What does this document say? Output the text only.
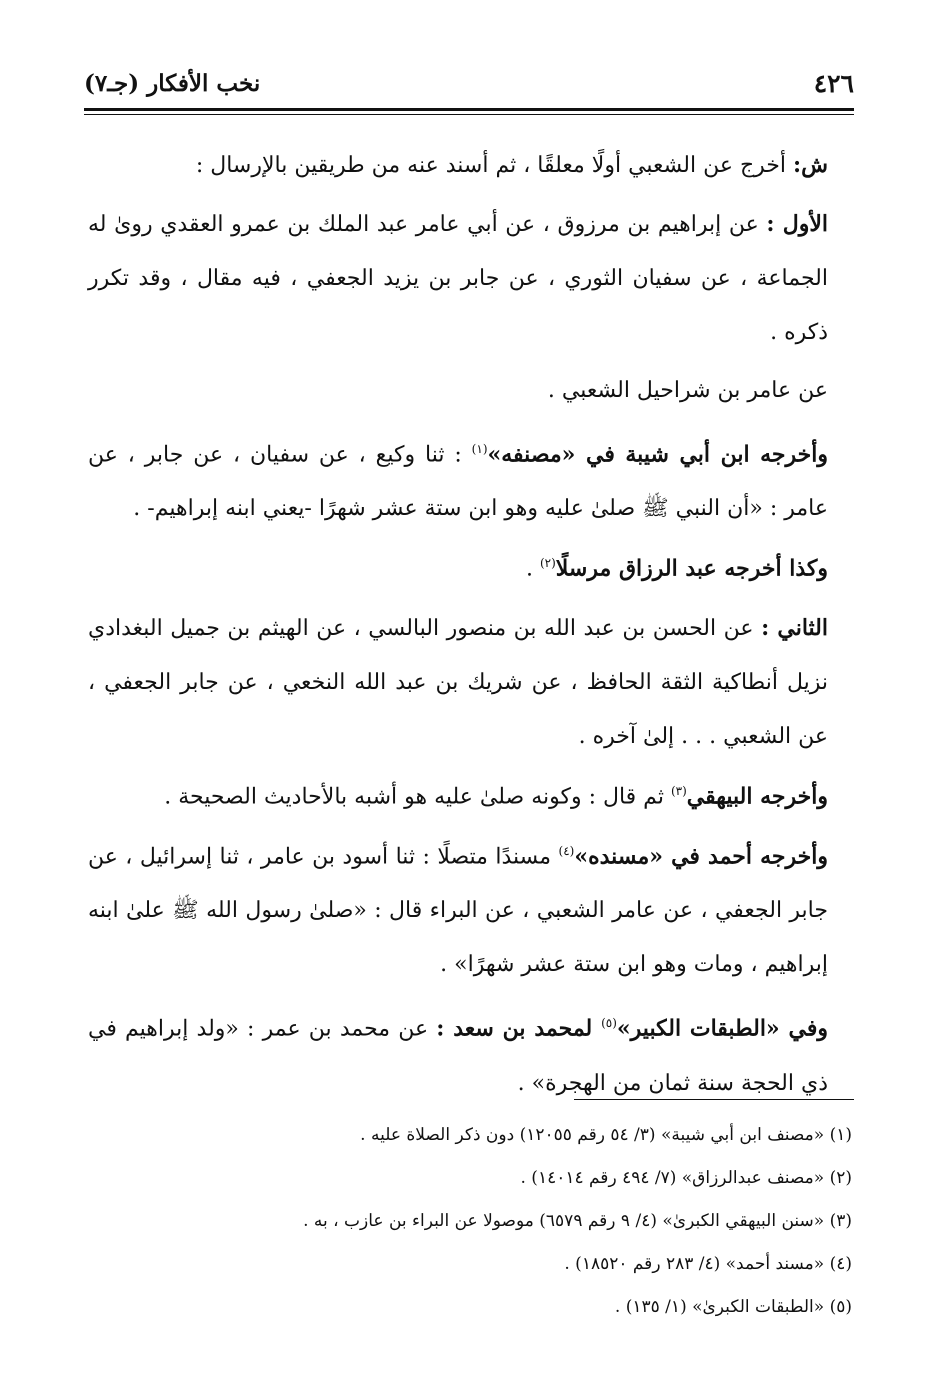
٤٢٦
نخب الأفكار (جـ٧)

ش: أخرج عن الشعبي أولًا معلقًا ، ثم أسند عنه من طريقين بالإرسال :

الأول : عن إبراهيم بن مرزوق ، عن أبي عامر عبد الملك بن عمرو العقدي روىٰ له الجماعة ، عن سفيان الثوري ، عن جابر بن يزيد الجعفي ، فيه مقال ، وقد تكرر ذكره .

عن عامر بن شراحيل الشعبي .

وأخرجه ابن أبي شيبة في «مصنفه»$^{(١)}$ : ثنا وكيع ، عن سفيان ، عن جابر ، عن عامر : «أن النبي ﷺ صلىٰ عليه وهو ابن ستة عشر شهرًا -يعني ابنه إبراهيم- .

وكذا أخرجه عبد الرزاق مرسلًا$^{(٢)}$ .

الثاني : عن الحسن بن عبد الله بن منصور البالسي ، عن الهيثم بن جميل البغدادي نزيل أنطاكية الثقة الحافظ ، عن شريك بن عبد الله النخعي ، عن جابر الجعفي ، عن الشعبي . . . إلىٰ آخره .

وأخرجه البيهقي$^{(٣)}$ ثم قال : وكونه صلىٰ عليه هو أشبه بالأحاديث الصحيحة .

وأخرجه أحمد في «مسنده»$^{(٤)}$ مسندًا متصلًا : ثنا أسود بن عامر ، ثنا إسرائيل ، عن جابر الجعفي ، عن عامر الشعبي ، عن البراء قال : «صلىٰ رسول الله ﷺ علىٰ ابنه إبراهيم ، ومات وهو ابن ستة عشر شهرًا» .

وفي «الطبقات الكبير»$^{(٥)}$ لمحمد بن سعد : عن محمد بن عمر : «ولد إبراهيم في ذي الحجة سنة ثمان من الهجرة» .

(١) «مصنف ابن أبي شيبة» (٣/ ٥٤ رقم ١٢٠٥٥) دون ذكر الصلاة عليه .
(٢) «مصنف عبدالرزاق» (٧/ ٤٩٤ رقم ١٤٠١٤) .
(٣) «سنن البيهقي الكبرىٰ» (٤/ ٩ رقم ٦٥٧٩) موصولا عن البراء بن عازب ، به .
(٤) «مسند أحمد» (٤/ ٢٨٣ رقم ١٨٥٢٠) .
(٥) «الطبقات الكبرىٰ» (١/ ١٣٥) .
